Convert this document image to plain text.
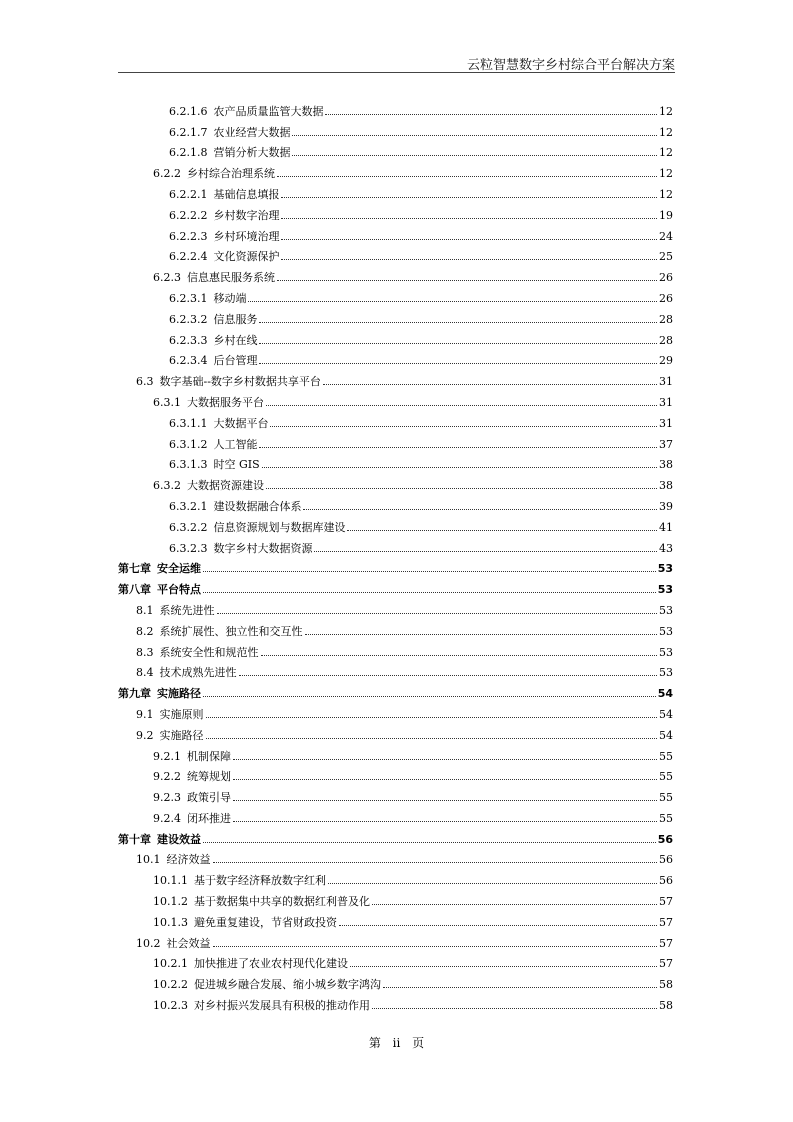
云粒智慧数字乡村综合平台解决方案
6.2.1.6 农产品质量监管大数据	12
6.2.1.7 农业经营大数据	12
6.2.1.8 营销分析大数据	12
6.2.2 乡村综合治理系统	12
6.2.2.1 基础信息填报	12
6.2.2.2 乡村数字治理	19
6.2.2.3 乡村环境治理	24
6.2.2.4 文化资源保护	25
6.2.3 信息惠民服务系统	26
6.2.3.1 移动端	26
6.2.3.2 信息服务	28
6.2.3.3 乡村在线	28
6.2.3.4 后台管理	29
6.3 数字基础--数字乡村数据共享平台	31
6.3.1 大数据服务平台	31
6.3.1.1 大数据平台	31
6.3.1.2 人工智能	37
6.3.1.3 时空 GIS	38
6.3.2 大数据资源建设	38
6.3.2.1 建设数据融合体系	39
6.3.2.2 信息资源规划与数据库建设	41
6.3.2.3 数字乡村大数据资源	43
第七章 安全运维	53
第八章 平台特点	53
8.1 系统先进性	53
8.2 系统扩展性、独立性和交互性	53
8.3 系统安全性和规范性	53
8.4 技术成熟先进性	53
第九章 实施路径	54
9.1 实施原则	54
9.2 实施路径	54
9.2.1 机制保障	55
9.2.2 统筹规划	55
9.2.3 政策引导	55
9.2.4 闭环推进	55
第十章 建设效益	56
10.1 经济效益	56
10.1.1 基于数字经济释放数字红利	56
10.1.2 基于数据集中共享的数据红利普及化	57
10.1.3 避免重复建设，节省财政投资	57
10.2 社会效益	57
10.2.1 加快推进了农业农村现代化建设	57
10.2.2 促进城乡融合发展、缩小城乡数字鸿沟	58
10.2.3 对乡村振兴发展具有积极的推动作用	58
第 ii 页
